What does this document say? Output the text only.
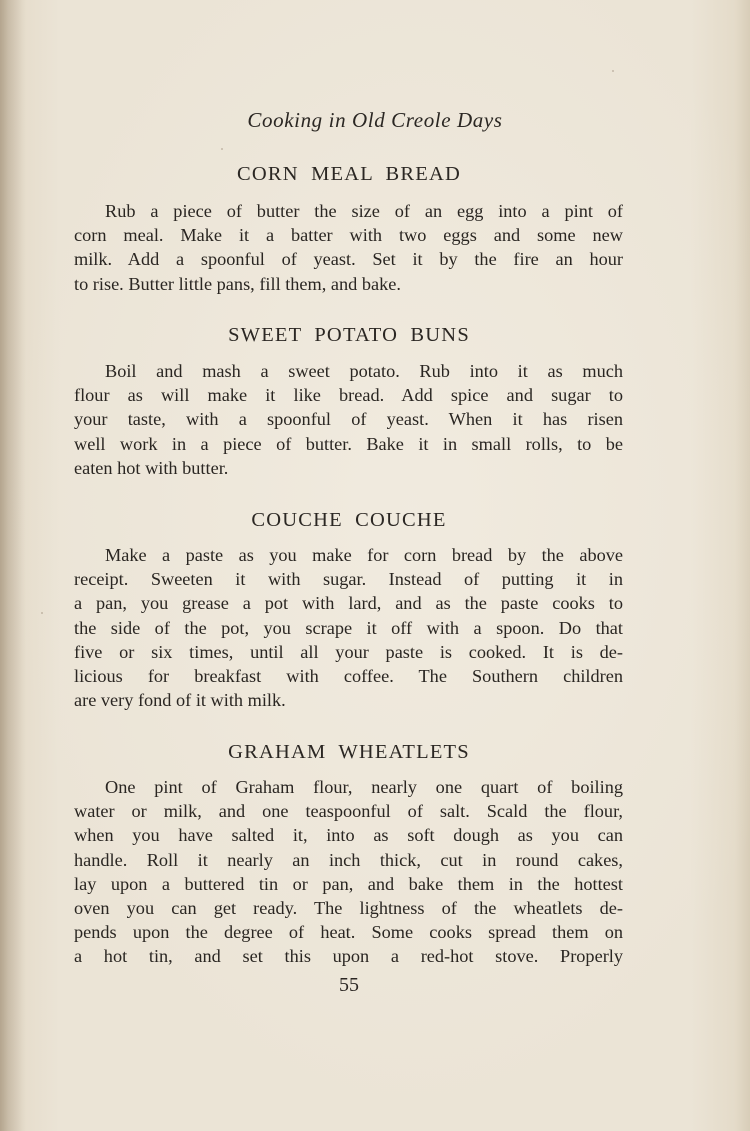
Cooking in Old Creole Days
CORN MEAL BREAD
Rub a piece of butter the size of an egg into a pint of
corn meal. Make it a batter with two eggs and some new
milk. Add a spoonful of yeast. Set it by the fire an hour
to rise. Butter little pans, fill them, and bake.
SWEET POTATO BUNS
Boil and mash a sweet potato. Rub into it as much
flour as will make it like bread. Add spice and sugar to
your taste, with a spoonful of yeast. When it has risen
well work in a piece of butter. Bake it in small rolls, to be
eaten hot with butter.
COUCHE COUCHE
Make a paste as you make for corn bread by the above
receipt. Sweeten it with sugar. Instead of putting it in
a pan, you grease a pot with lard, and as the paste cooks to
the side of the pot, you scrape it off with a spoon. Do that
five or six times, until all your paste is cooked. It is de-
licious for breakfast with coffee. The Southern children
are very fond of it with milk.
GRAHAM WHEATLETS
One pint of Graham flour, nearly one quart of boiling
water or milk, and one teaspoonful of salt. Scald the flour,
when you have salted it, into as soft dough as you can
handle. Roll it nearly an inch thick, cut in round cakes,
lay upon a buttered tin or pan, and bake them in the hottest
oven you can get ready. The lightness of the wheatlets de-
pends upon the degree of heat. Some cooks spread them on
a hot tin, and set this upon a red-hot stove. Properly
55
